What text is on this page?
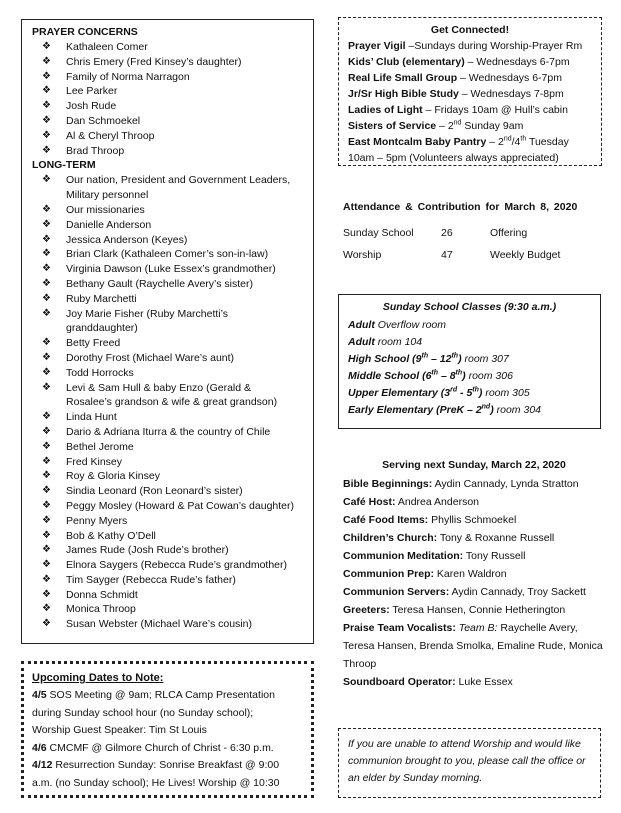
PRAYER CONCERNS
❖ Kathaleen Comer
❖ Chris Emery (Fred Kinsey’s daughter)
❖ Family of Norma Narragon
❖ Lee Parker
❖ Josh Rude
❖ Dan Schmoekel
❖ Al & Cheryl Throop
❖ Brad Throop
LONG-TERM
❖ Our nation, President and Government Leaders,
Military personnel
❖ Our missionaries
❖ Danielle Anderson
❖ Jessica Anderson (Keyes)
❖ Brian Clark (Kathaleen Comer’s son-in-law)
❖ Virginia Dawson (Luke Essex’s grandmother)
❖ Bethany Gault (Raychelle Avery’s sister)
❖ Ruby Marchetti
❖ Joy Marie Fisher (Ruby Marchetti’s
granddaughter)
❖ Betty Freed
❖ Dorothy Frost (Michael Ware’s aunt)
❖ Todd Horrocks
❖ Levi & Sam Hull & baby Enzo (Gerald &
Rosalee’s grandson & wife & great grandson)
❖ Linda Hunt
❖ Dario & Adriana Iturra & the country of Chile
❖ Bethel Jerome
❖ Fred Kinsey
❖ Roy & Gloria Kinsey
❖ Sindia Leonard (Ron Leonard’s sister)
❖ Peggy Mosley (Howard & Pat Cowan’s daughter)
❖ Penny Myers
❖ Bob & Kathy O’Dell
❖ James Rude (Josh Rude’s brother)
❖ Elnora Saygers (Rebecca Rude’s grandmother)
❖ Tim Sayger (Rebecca Rude’s father)
❖ Donna Schmidt
❖ Monica Throop
❖ Susan Webster (Michael Ware’s cousin)
Upcoming Dates to Note:
4/5 SOS Meeting @ 9am; RLCA Camp Presentation
during Sunday school hour (no Sunday school);
Worship Guest Speaker: Tim St Louis
4/6 CMCMF @ Gilmore Church of Christ - 6:30 p.m.
4/12 Resurrection Sunday: Sonrise Breakfast @ 9:00
a.m. (no Sunday school); He Lives! Worship @ 10:30
Get Connected!
Prayer Vigil –Sundays during Worship-Prayer Rm
Kids’ Club (elementary) – Wednesdays 6-7pm
Real Life Small Group – Wednesdays 6-7pm
Jr/Sr High Bible Study – Wednesdays 7-8pm
Ladies of Light – Fridays 10am @ Hull’s cabin
Sisters of Service – 2nd Sunday 9am
East Montcalm Baby Pantry – 2nd/4th Tuesday
10am – 5pm (Volunteers always appreciated)
Attendance & Contribution for March 8, 2020
Sunday School	26	Offering
Worship	47	Weekly Budget
Sunday School Classes (9:30 a.m.)
Adult Overflow room
Adult room 104
High School (9th – 12th) room 307
Middle School (6th – 8th) room 306
Upper Elementary (3rd - 5th) room 305
Early Elementary (PreK – 2nd) room 304
Serving next Sunday, March 22, 2020
Bible Beginnings: Aydin Cannady, Lynda Stratton
Café Host: Andrea Anderson
Café Food Items: Phyllis Schmoekel
Children’s Church: Tony & Roxanne Russell
Communion Meditation: Tony Russell
Communion Prep: Karen Waldron
Communion Servers: Aydin Cannady, Troy Sackett
Greeters: Teresa Hansen, Connie Hetherington
Praise Team Vocalists: Team B: Raychelle Avery, Teresa Hansen, Brenda Smolka, Emaline Rude, Monica Throop
Soundboard Operator: Luke Essex
If you are unable to attend Worship and would like communion brought to you, please call the office or an elder by Sunday morning.
